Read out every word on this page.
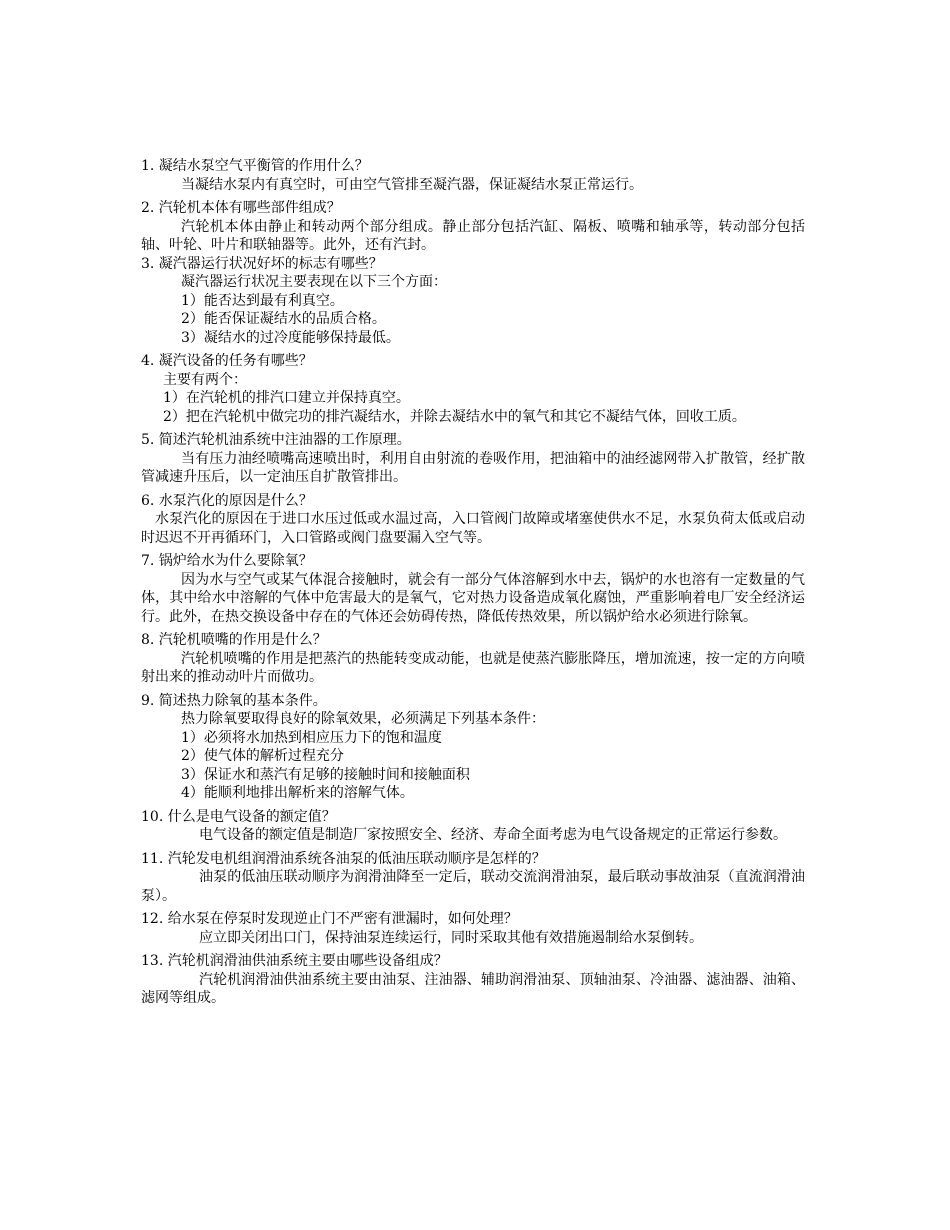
1. 凝结水泵空气平衡管的作用什么？

当凝结水泵内有真空时，可由空气管排至凝汽器，保证凝结水泵正常运行。

2. 汽轮机本体有哪些部件组成？

汽轮机本体由静止和转动两个部分组成。静止部分包括汽缸、隔板、喷嘴和轴承等，转动部分包括轴、叶轮、叶片和联轴器等。此外，还有汽封。

3. 凝汽器运行状况好坏的标志有哪些？

凝汽器运行状况主要表现在以下三个方面：

1）能否达到最有利真空。
2）能否保证凝结水的品质合格。
3）凝结水的过冷度能够保持最低。
4. 凝汽设备的任务有哪些？

主要有两个：

1）在汽轮机的排汽口建立并保持真空。

2）把在汽轮机中做完功的排汽凝结水，并除去凝结水中的氧气和其它不凝结气体，回收工质。

5. 简述汽轮机油系统中注油器的工作原理。

当有压力油经喷嘴高速喷出时，利用自由射流的卷吸作用，把油箱中的油经滤网带入扩散管，经扩散管减速升压后，以一定油压自扩散管排出。

6. 水泵汽化的原因是什么？

水泵汽化的原因在于进口水压过低或水温过高，入口管阀门故障或堵塞使供水不足，水泵负荷太低或启动时迟迟不开再循环门，入口管路或阀门盘要漏入空气等。

7. 锅炉给水为什么要除氧？

因为水与空气或某气体混合接触时，就会有一部分气体溶解到水中去，锅炉的水也溶有一定数量的气体，其中给水中溶解的气体中危害最大的是氧气，它对热力设备造成氧化腐蚀，严重影响着电厂安全经济运行。此外，在热交换设备中存在的气体还会妨碍传热，降低传热效果，所以锅炉给水必须进行除氧。

8. 汽轮机喷嘴的作用是什么？

汽轮机喷嘴的作用是把蒸汽的热能转变成动能，也就是使蒸汽膨胀降压，增加流速，按一定的方向喷射出来的推动动叶片而做功。

9. 简述热力除氧的基本条件。

热力除氧要取得良好的除氧效果，必须满足下列基本条件：

1）必须将水加热到相应压力下的饱和温度
2）使气体的解析过程充分
3）保证水和蒸汽有足够的接触时间和接触面积
4）能顺利地排出解析来的溶解气体。
10. 什么是电气设备的额定值？

电气设备的额定值是制造厂家按照安全、经济、寿命全面考虑为电气设备规定的正常运行参数。

11. 汽轮发电机组润滑油系统各油泵的低油压联动顺序是怎样的？

油泵的低油压联动顺序为润滑油降至一定后，联动交流润滑油泵，最后联动事故油泵（直流润滑油泵）。

12. 给水泵在停泵时发现逆止门不严密有泄漏时，如何处理？

应立即关闭出口门，保持油泵连续运行，同时采取其他有效措施遏制给水泵倒转。

13. 汽轮机润滑油供油系统主要由哪些设备组成？

汽轮机润滑油供油系统主要由油泵、注油器、辅助润滑油泵、顶轴油泵、冷油器、滤油器、油箱、滤网等组成。
